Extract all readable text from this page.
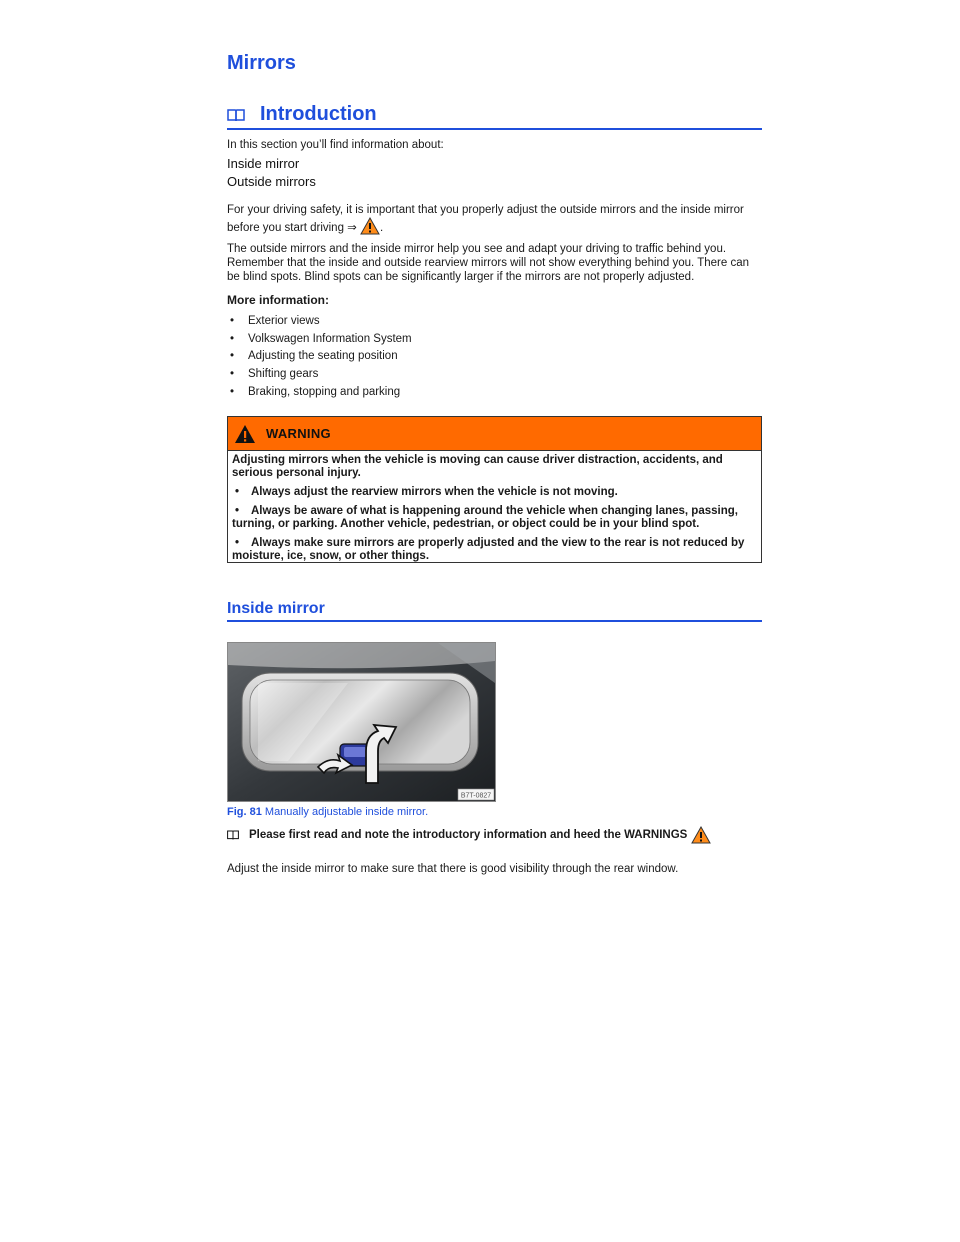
Mirrors
Introduction

In this section you’ll find information about:

Inside mirror
Outside mirrors

For your driving safety, it is important that you properly adjust the outside mirrors and the inside mirror

before you start driving ⇒ .

The outside mirrors and the inside mirror help you see and adapt your driving to traffic behind you. Remember that the inside and outside rearview mirrors will not show everything behind you. There can be blind spots. Blind spots can be significantly larger if the mirrors are not properly adjusted.

More information:
•	Exterior views
•	Volkswagen Information System
•	Adjusting the seating position
•	Shifting gears
•	Braking, stopping and parking
WARNING

Adjusting mirrors when the vehicle is moving can cause driver distraction, accidents, and serious personal injury.

• Always adjust the rearview mirrors when the vehicle is not moving.
• Always be aware of what is happening around the vehicle when changing lanes, passing, turning, or parking. Another vehicle, pedestrian, or object could be in your blind spot.
• Always make sure mirrors are properly adjusted and the view to the rear is not reduced by moisture, ice, snow, or other things.
Inside mirror
B7T-0827
Fig. 81 Manually adjustable inside mirror.
Please first read and note the introductory information and heed the WARNINGS

Adjust the inside mirror to make sure that there is good visibility through the rear window.
